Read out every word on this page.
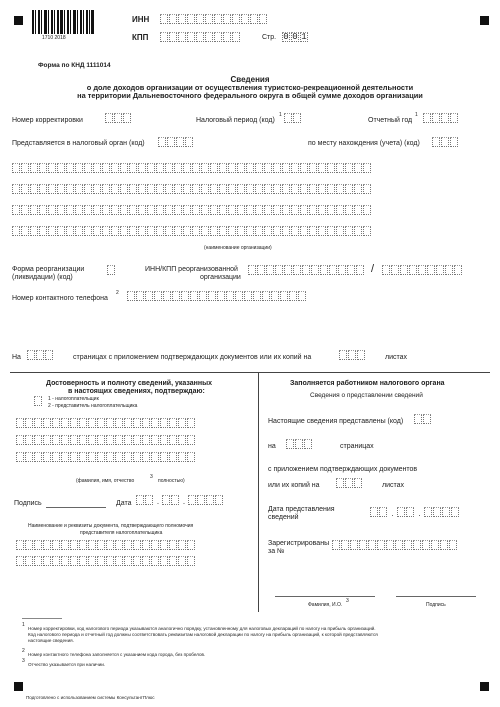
1710 2018
ИНН
КПП	Стр. 0 0 1
Форма по КНД 1111014
Сведения
о доле доходов организации от осуществления туристско-рекреационной деятельности
на территории Дальневосточного федерального округа в общей сумме доходов организации
Номер корректировки	Налоговый период (код)
1
Отчетный год
1
Представляется в налоговый орган (код)	по месту нахождения (учета) (код)
(наименование организации)
Форма реорганизации
(ликвидации) (код)
ИНН/КПП реорганизованной
организации
/
Номер контактного телефона
2
На	страницах с приложением подтверждающих документов или их копий на	листах
Достоверность и полноту сведений, указанных
в настоящих сведениях, подтверждаю:
1 - налогоплательщик
2 - представитель налогоплательщика
(фамилия, имя, отчество
3
полностью)
Подпись	Дата	.	.
Наименование и реквизиты документа, подтверждающего полномочия
представителя налогоплательщика
Заполняется работником налогового органа
Сведения о представлении сведений
Настоящие сведения представлены (код)
на	страницах
с приложением подтверждающих документов
или их копий на	листах
Дата представления
сведений	.	.
Зарегистрированы
за №
Фамилия, И.О.
3
Подпись
1
Номер корректировки, код налогового периода указываются аналогично порядку, установленному для налоговых деклараций по налогу на прибыль организаций.
Код налогового периода и отчетный год должны соответствовать реквизитам налоговой декларации по налогу на прибыль организаций, к которой представляются
настоящие сведения.
2
Номер контактного телефона заполняется с указанием кода города, без пробелов.
3
Отчество указывается при наличии.
Подготовлено с использованием системы КонсультантПлюс
